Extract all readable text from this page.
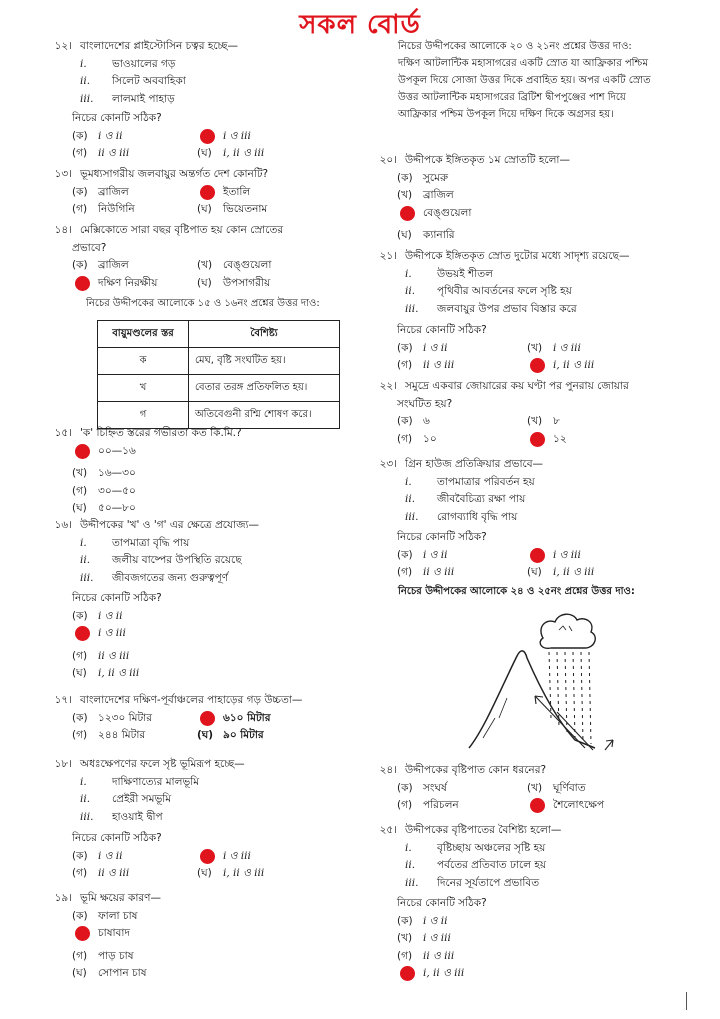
সকল বোর্ড
১২। বাংলাদেশের প্লাইস্টোসিন চত্বর হচ্ছে—
i.	ভাওয়ালের গড়
ii.	সিলেট অববাহিকা
iii.	লালমাই পাহাড়
নিচের কোনটি সঠিক?
(ক) i ও ii	i ও iii
(গ)	ii ও iii	(ঘ)	i, ii ও iii
১৩। ভূমধ্যসাগরীয় জলবায়ুর অন্তর্গত দেশ কোনটি?
(ক) ব্রাজিল	ইতালি
(গ)	নিউগিনি	(ঘ)	ভিয়েতনাম
১৪। মেক্সিকোতে সারা বছর বৃষ্টিপাত হয় কোন স্রোতের
প্রভাবে?
(ক) ব্রাজিল	(খ)	বেঙ্গুয়েলা
দক্ষিণ নিরক্ষীয়	(ঘ)	উপসাগরীয়
নিচের উদ্দীপকের আলোকে ১৫ ও ১৬নং প্রশ্নের উত্তর দাও:
বায়ুমণ্ডলের স্তর	বৈশিষ্ট্য
ক	মেঘ, বৃষ্টি সংঘটিত হয়।
খ	বেতার তরঙ্গ প্রতিফলিত হয়।
গ	অতিবেগুনী রশ্মি শোষণ করে।
১৫। 'ক' চিহ্নিত স্তরের গভীরতা কত কি.মি.?
০০—১৬
(খ)	১৬—৩০
(গ)	৩০—৫০
(ঘ)	৫০—৮০
১৬। উদ্দীপকের 'খ' ও 'গ' এর ক্ষেত্রে প্রযোজ্য—
i.	তাপমাত্রা বৃদ্ধি পায়
ii.	জলীয় বাষ্পের উপস্থিতি রয়েছে
iii.	জীবজগতের জন্য গুরুত্বপূর্ণ
নিচের কোনটি সঠিক?
(ক) i ও ii
i ও iii
(গ)	ii ও iii
(ঘ)	i, ii ও iii
১৭। বাংলাদেশের দক্ষিণ-পূর্বাঞ্চলের পাহাড়ের গড় উচ্চতা—
(ক) ১২৩০ মিটার	৬১০ মিটার
(গ)	২৪৪ মিটার	(ঘ) ৯০ মিটার
১৮। অধঃক্ষেপণের ফলে সৃষ্ট ভূমিরূপ হচ্ছে—
i.	দাক্ষিণাত্যের মালভূমি
ii.	প্রেইরী সমভূমি
iii.	হাওয়াই দ্বীপ
নিচের কোনটি সঠিক?
(ক) i ও ii	i ও iii
(গ)	ii ও iii	(ঘ)	i, ii ও iii
১৯। ভূমি ক্ষয়ের কারণ—
(ক) ফালা চাষ
চাষাবাদ
(গ)	পাড় চাষ
(ঘ)	সোপান চাষ
নিচের উদ্দীপকের আলোকে ২০ ও ২১নং প্রশ্নের উত্তর দাও:
দক্ষিণ আটলান্টিক মহাসাগরের একটি স্রোত যা আফ্রিকার পশ্চিম উপকূল দিয়ে সোজা উত্তর দিকে প্রবাহিত হয়। অপর একটি স্রোত উত্তর আটলান্টিক মহাসাগরের ব্রিটিশ দ্বীপপুঞ্জের পাশ দিয়ে আফ্রিকার পশ্চিম উপকূল দিয়ে দক্ষিণ দিকে অগ্রসর হয়।
২০। উদ্দীপকে ইঙ্গিতকৃত ১ম স্রোতটি হলো—
(ক) সুমেরু
(খ)	ব্রাজিল
বেঙ্গুয়েলা
(ঘ)	ক্যানারি
২১। উদ্দীপকে ইঙ্গিতকৃত স্রোত দুটোর মধ্যে সাদৃশ্য রয়েছে—
i.	উভয়ই শীতল
ii.	পৃথিবীর আবর্তনের ফলে সৃষ্টি হয়
iii.	জলবায়ুর উপর প্রভাব বিস্তার করে
নিচের কোনটি সঠিক?
(ক) i ও ii	(খ)	i ও iii
(গ)	ii ও iii	i, ii ও iii
২২। সমুদ্রে একবার জোয়ারের কয় ঘণ্টা পর পুনরায় জোয়ার
সংঘটিত হয়?
(ক) ৬	(খ)	৮
(গ)	১০	১২
২৩। গ্রিন হাউজ প্রতিক্রিয়ার প্রভাবে—
i.	তাপমাত্রার পরিবর্তন হয়
ii.	জীববৈচিত্র্য রক্ষা পায়
iii.	রোগব্যাধি বৃদ্ধি পায়
নিচের কোনটি সঠিক?
(ক) i ও ii	i ও iii
(গ)	ii ও iii	(ঘ)	i, ii ও iii
নিচের উদ্দীপকের আলোকে ২৪ ও ২৫নং প্রশ্নের উত্তর দাও:
২৪। উদ্দীপকের বৃষ্টিপাত কোন ধরনের?
(ক) সংঘর্ষ	(খ)	ঘূর্ণিবাত
(গ)	পরিচলন	শৈলোৎক্ষেপ
২৫। উদ্দীপকের বৃষ্টিপাতের বৈশিষ্ট্য হলো—
i.	বৃষ্টিচ্ছায় অঞ্চলের সৃষ্টি হয়
ii.	পর্বতের প্রতিবাত ঢালে হয়
iii.	দিনের সূর্যতাপে প্রভাবিত
নিচের কোনটি সঠিক?
(ক) i ও ii
(খ)	i ও iii
(গ)	ii ও iii
i, ii ও iii
